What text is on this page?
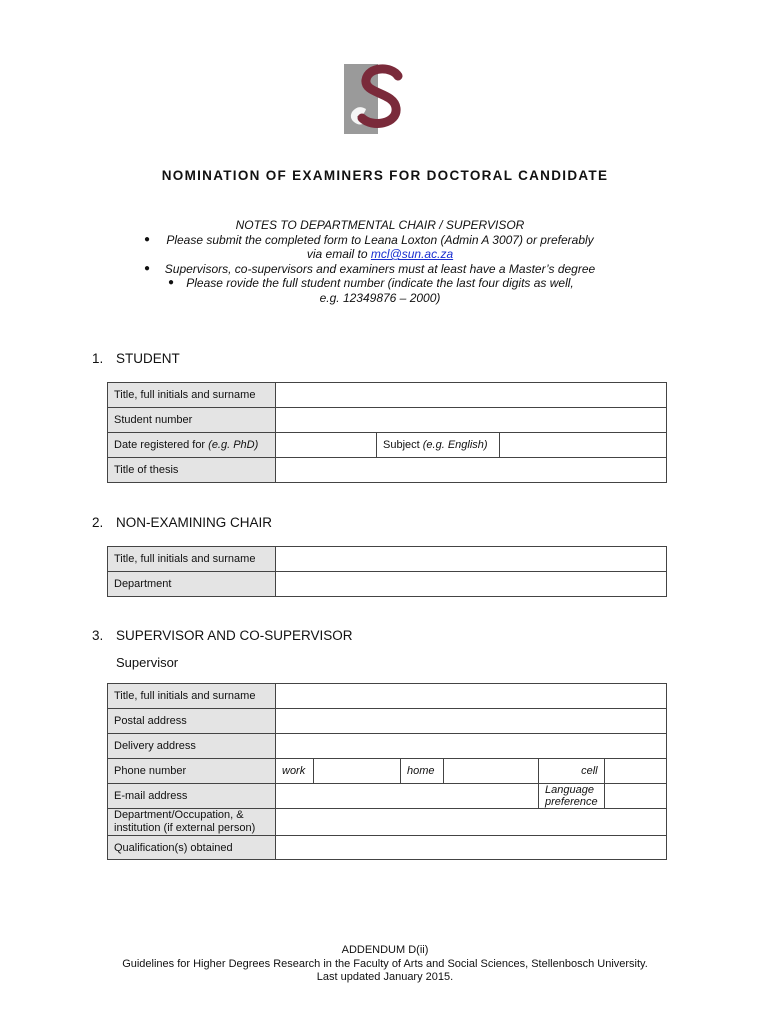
NOMINATION OF EXAMINERS FOR DOCTORAL CANDIDATE
NOTES TO DEPARTMENTAL CHAIR / SUPERVISOR
● Please submit the completed form to Leana Loxton (Admin A 3007) or preferably
via email to mcl@sun.ac.za
● Supervisors, co-supervisors and examiners must at least have a Master’s degree
● Please rovide the full student number (indicate the last four digits as well,
e.g. 12349876 – 2000)
1. STUDENT
Title, full initials and surname			
Student number			
Date registered for (e.g. PhD)		Subject (e.g. English)	
Title of thesis			
2. NON-EXAMINING CHAIR
Title, full initials and surname	
Department	
3. SUPERVISOR AND CO-SUPERVISOR
Supervisor
Title, full initials and surname						
Postal address						
Delivery address						
Phone number	work		home		cell	
E-mail address					Language preference	
Department/Occupation, &
institution (if external person)						
Qualification(s) obtained						
ADDENDUM D(ii)
Guidelines for Higher Degrees Research in the Faculty of Arts and Social Sciences, Stellenbosch University.
Last updated January 2015.
